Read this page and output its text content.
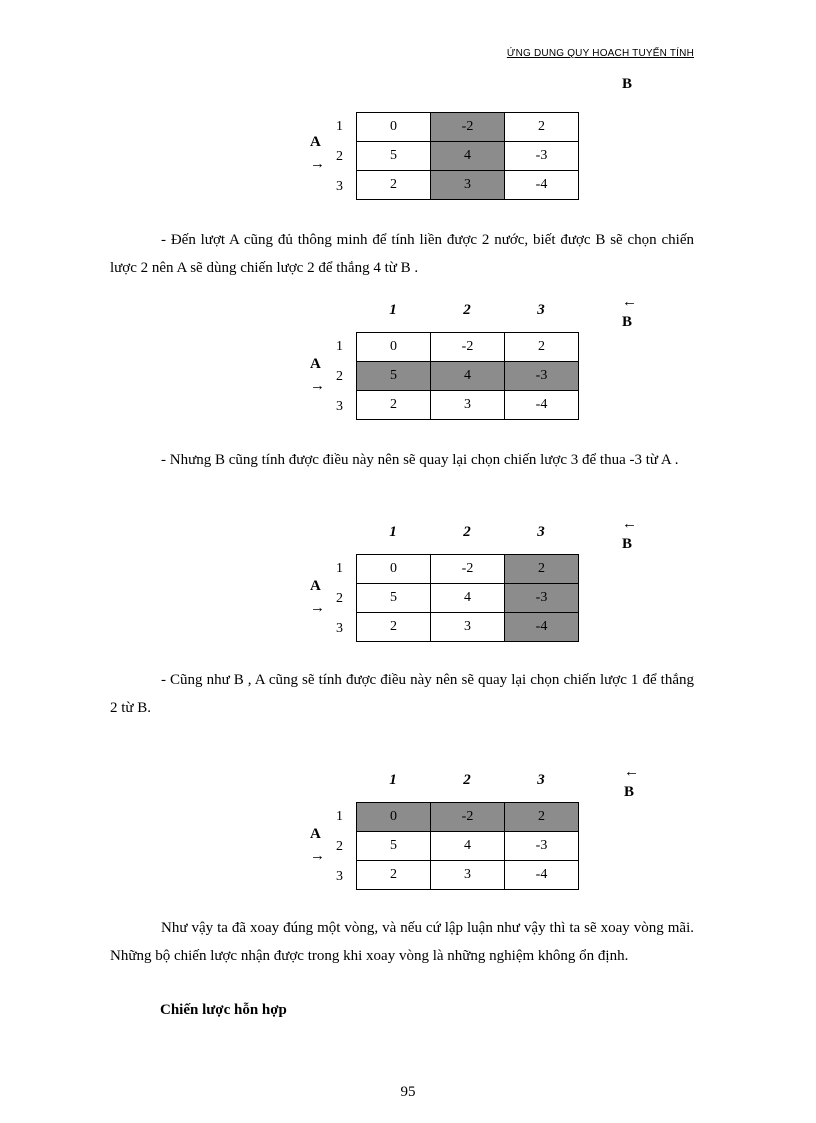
ỨNG DUNG QUY HOACH TUYẾN TÍNH
B
1
2
3
A
→
0	-2	2
5	4	-3
2	3	-4

- Đến lượt A cũng đủ thông minh để tính liền được 2 nước, biết được B sẽ chọn chiến lược 2 nên A sẽ dùng chiến lược 2 để thắng 4 từ B .

1	2	3	←
B
1
2
3
A
→
0	-2	2
5	4	-3
2	3	-4

- Nhưng B cũng tính được điều này nên sẽ quay lại chọn chiến lược 3 để thua -3 từ A .

1	2	3	←
B
1
2
3
A
→
0	-2	2
5	4	-3
2	3	-4

- Cũng như B , A cũng sẽ tính được điều này nên sẽ quay lại chọn chiến lược 1 để thắng 2 từ B.

1	2	3	←
B
1
2
3
A
→
0	-2	2
5	4	-3
2	3	-4

Như vậy ta đã xoay đúng một vòng, và nếu cứ lập luận như vậy thì ta sẽ xoay vòng mãi. Những bộ chiến lược nhận được trong khi xoay vòng là những nghiệm không ổn định.

Chiến lược hỗn hợp
95
